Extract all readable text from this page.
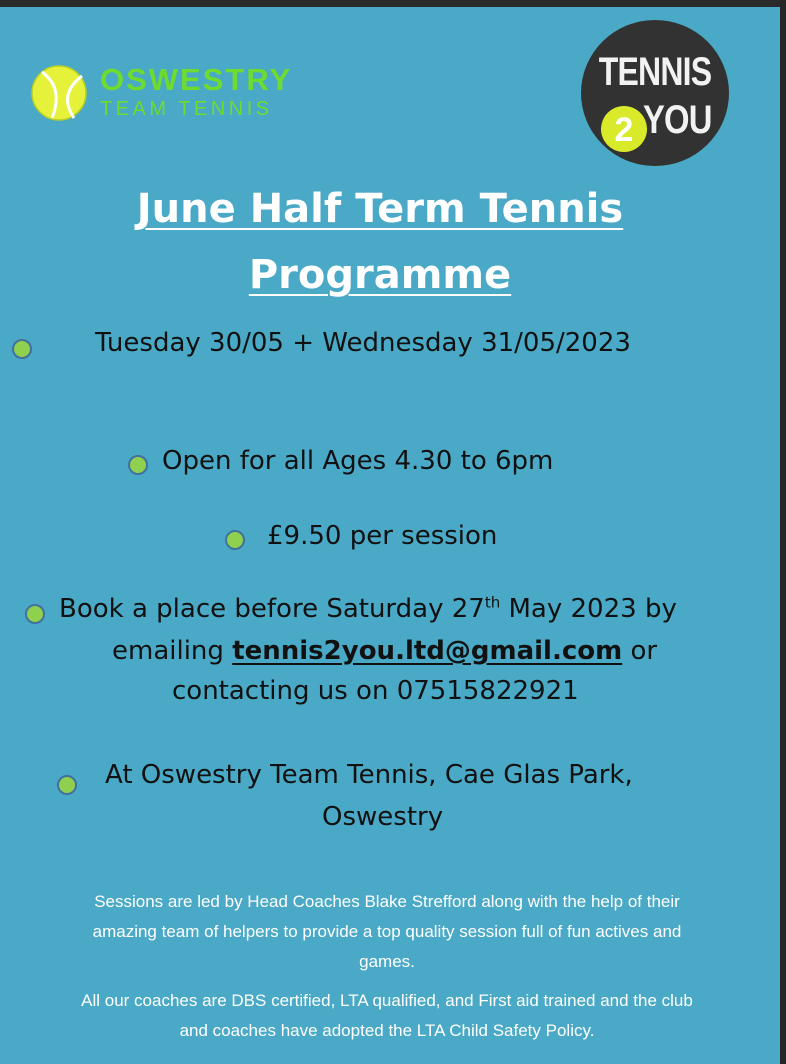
OSWESTRY
TEAM TENNIS
TENNIS
2 YOU
June Half Term Tennis
Programme
Tuesday 30/05 + Wednesday 31/05/2023
Open for all Ages 4.30 to 6pm
£9.50 per session
Book a place before Saturday 27th May 2023 by
emailing tennis2you.ltd@gmail.com or
contacting us on 07515822921
At Oswestry Team Tennis, Cae Glas Park,
Oswestry
Sessions are led by Head Coaches Blake Strefford along with the help of their
amazing team of helpers to provide a top quality session full of fun actives and
games.
All our coaches are DBS certified, LTA qualified, and First aid trained and the club
and coaches have adopted the LTA Child Safety Policy.
